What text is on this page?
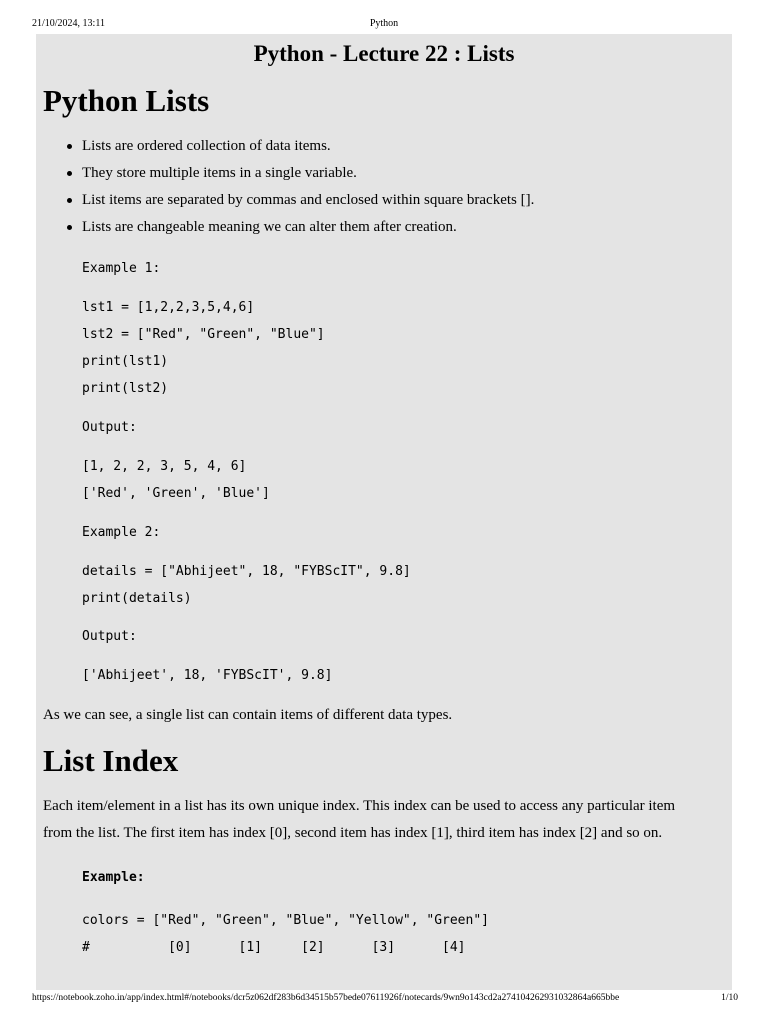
21/10/2024, 13:11	Python
Python - Lecture 22 : Lists
Python Lists
Lists are ordered collection of data items.
They store multiple items in a single variable.
List items are separated by commas and enclosed within square brackets [].
Lists are changeable meaning we can alter them after creation.
Example 1:
lst1 = [1,2,2,3,5,4,6]
lst2 = ["Red", "Green", "Blue"]
print(lst1)
print(lst2)
Output:
[1, 2, 2, 3, 5, 4, 6]
['Red', 'Green', 'Blue']
Example 2:
details = ["Abhijeet", 18, "FYBScIT", 9.8]
print(details)
Output:
['Abhijeet', 18, 'FYBScIT', 9.8]
As we can see, a single list can contain items of different data types.
List Index
Each item/element in a list has its own unique index. This index can be used to access any particular item
from the list. The first item has index [0], second item has index [1], third item has index [2] and so on.
Example:
colors = ["Red", "Green", "Blue", "Yellow", "Green"]
#          [0]      [1]     [2]      [3]      [4]
https://notebook.zoho.in/app/index.html#/notebooks/dcr5z062df283b6d34515b57bede07611926f/notecards/9wn9o143cd2a274104262931032864a665bbe	1/10
